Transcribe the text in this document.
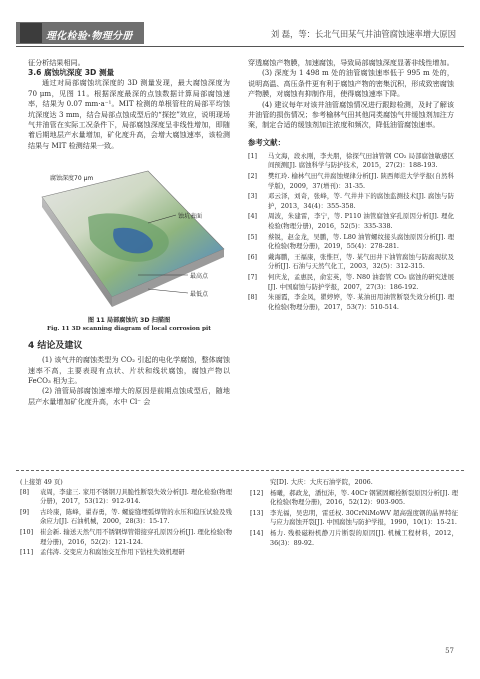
理化检验·物理分册	刘 磊，等：长北气田某气井油管腐蚀速率增大原因

征分析结果相同。

3.6 腐蚀坑深度 3D 测量

通过对局部腐蚀坑深度的 3D 测量发现，最大腐蚀深度为 70 μm，见图 11。根据深度最深的点蚀数据计算局部腐蚀速率，结果为 0.07 mm·a⁻¹。MIT 检测的单根管柱的局部平均蚀坑深度达 3 mm，结合局部点蚀成型后的“探挖”效应，说明现场气井油管在实际工况条件下，局部腐蚀深度呈非线性增加，即随着后期地层产水量增加，矿化度升高，会增大腐蚀速率，该检测结果与 MIT 检测结果一致。

腐蚀深度70 μm
蚀坑表面
最高点
最低点
图 11 局部腐蚀坑 3D 扫描图
Fig. 11 3D scanning diagram of local corrosion pit
4 结论及建议

(1) 该气井的腐蚀类型为 CO₂ 引起的电化学腐蚀，整体腐蚀速率不高，主要表现有点状、片状和线状腐蚀，腐蚀产物以 FeCO₃ 相为主。

(2) 油管局部腐蚀速率增大的原因是前期点蚀成型后，随地层产水量增加矿化度升高，水中 Cl⁻ 会

穿透腐蚀产物膜，加速腐蚀，导致局部腐蚀深度显著非线性增加。

(3) 深度为 1 498 m 处的油管腐蚀速率低于 995 m 处的，说明高温、高压条件更有利于腐蚀产物的密集沉积，形成致密腐蚀产物膜，对腐蚀有抑制作用，使得腐蚀速率下降。

(4) 建议每年对该井油管腐蚀情况进行跟踪检测，及时了解该井油管的损伤情况；参考榆林气田其他同类腐蚀气井缓蚀剂加注方案，制定合适的缓蚀剂加注浓度和频次，降低油管腐蚀速率。

参考文献：
[1]	马文海，段永刚，李夫朋，徐探气田油管钢 CO₂ 局部腐蚀敏感区间预测[J]. 腐蚀科学与防护技术，2015，27(2)：188-193.
[2]	樊红玲. 榆林气田气井腐蚀规律分析[J]. 陕西师范大学学报(自然科学版)，2009，37(增刊)：31-35.
[3]	邓云泽，刘奇，张峰，等. 气井井下的腐蚀监测技术[J]. 腐蚀与防护，2013，34(4)：355-358.
[4]	周波，朱建雷，李宁，等. P110 油管腐蚀穿孔原因分析[J]. 理化检验(物理分册)，2016，52(5)：335-338.
[5]	蔡锐，赵金龙，吴鹏，等. L80 油管螺纹接头腐蚀原因分析[J]. 理化检验(物理分册)，2019，55(4)：278-281.
[6]	戴海鹏，王福康，张惟巨，等. 某气田井下油管腐蚀与防腐现状及分析[J]. 石油与天然气化工，2003，32(5)：312-315.
[7]	何庆龙，孟惠民，俞宏英，等. N80 油套管 CO₂ 腐蚀的研究进展[J]. 中国腐蚀与防护学报，2007，27(3)：186-192.
[8]	朱丽霞，李金凤，瞿婷婷，等. 某油田用油管断裂失效分析[J]. 理化检验(物理分册)，2017，53(7)：510-514.
(上接第 49 页)
[8]	袁周，李建三. 家用不锈钢刀具脆性断裂失效分析[J]. 理化检验(物理分册)，2017，53(12)：912-914.
[9]	古玲康，陈峰，翟春勇，等. 螺旋缝埋弧焊管的水压和稳压试验及残余应力[J]. 石油机械，2000，28(3)：15-17.
[10]	崔会新. 输送天然气用不锈钢焊管错接穿孔原因分析[J]. 理化检验(物理分册)，2016，52(2)：121-124.
[11]	孟伟涛. 交变应力和腐蚀交互作用下钻柱失效机理研
究[D]. 大庆：大庆石油学院，2006.
[12]	杨曦，郝政龙，潘恒沛，等. 40Cr 钢紧固螺栓断裂原因分析[J]. 理化检验(物理分册)，2016，52(12)：903-905.
[13]	李光福，吴忠明，雷廷权. 30CrNiMoWV 超高强度钢的晶界特征与应力腐蚀开裂[J]. 中国腐蚀与防护学报，1990，10(1)：15-21.
[14]	杨力. 残极磁粉机静刀片断裂的原因[J]. 机械工程材料，2012，36(3)：89-92.
57
